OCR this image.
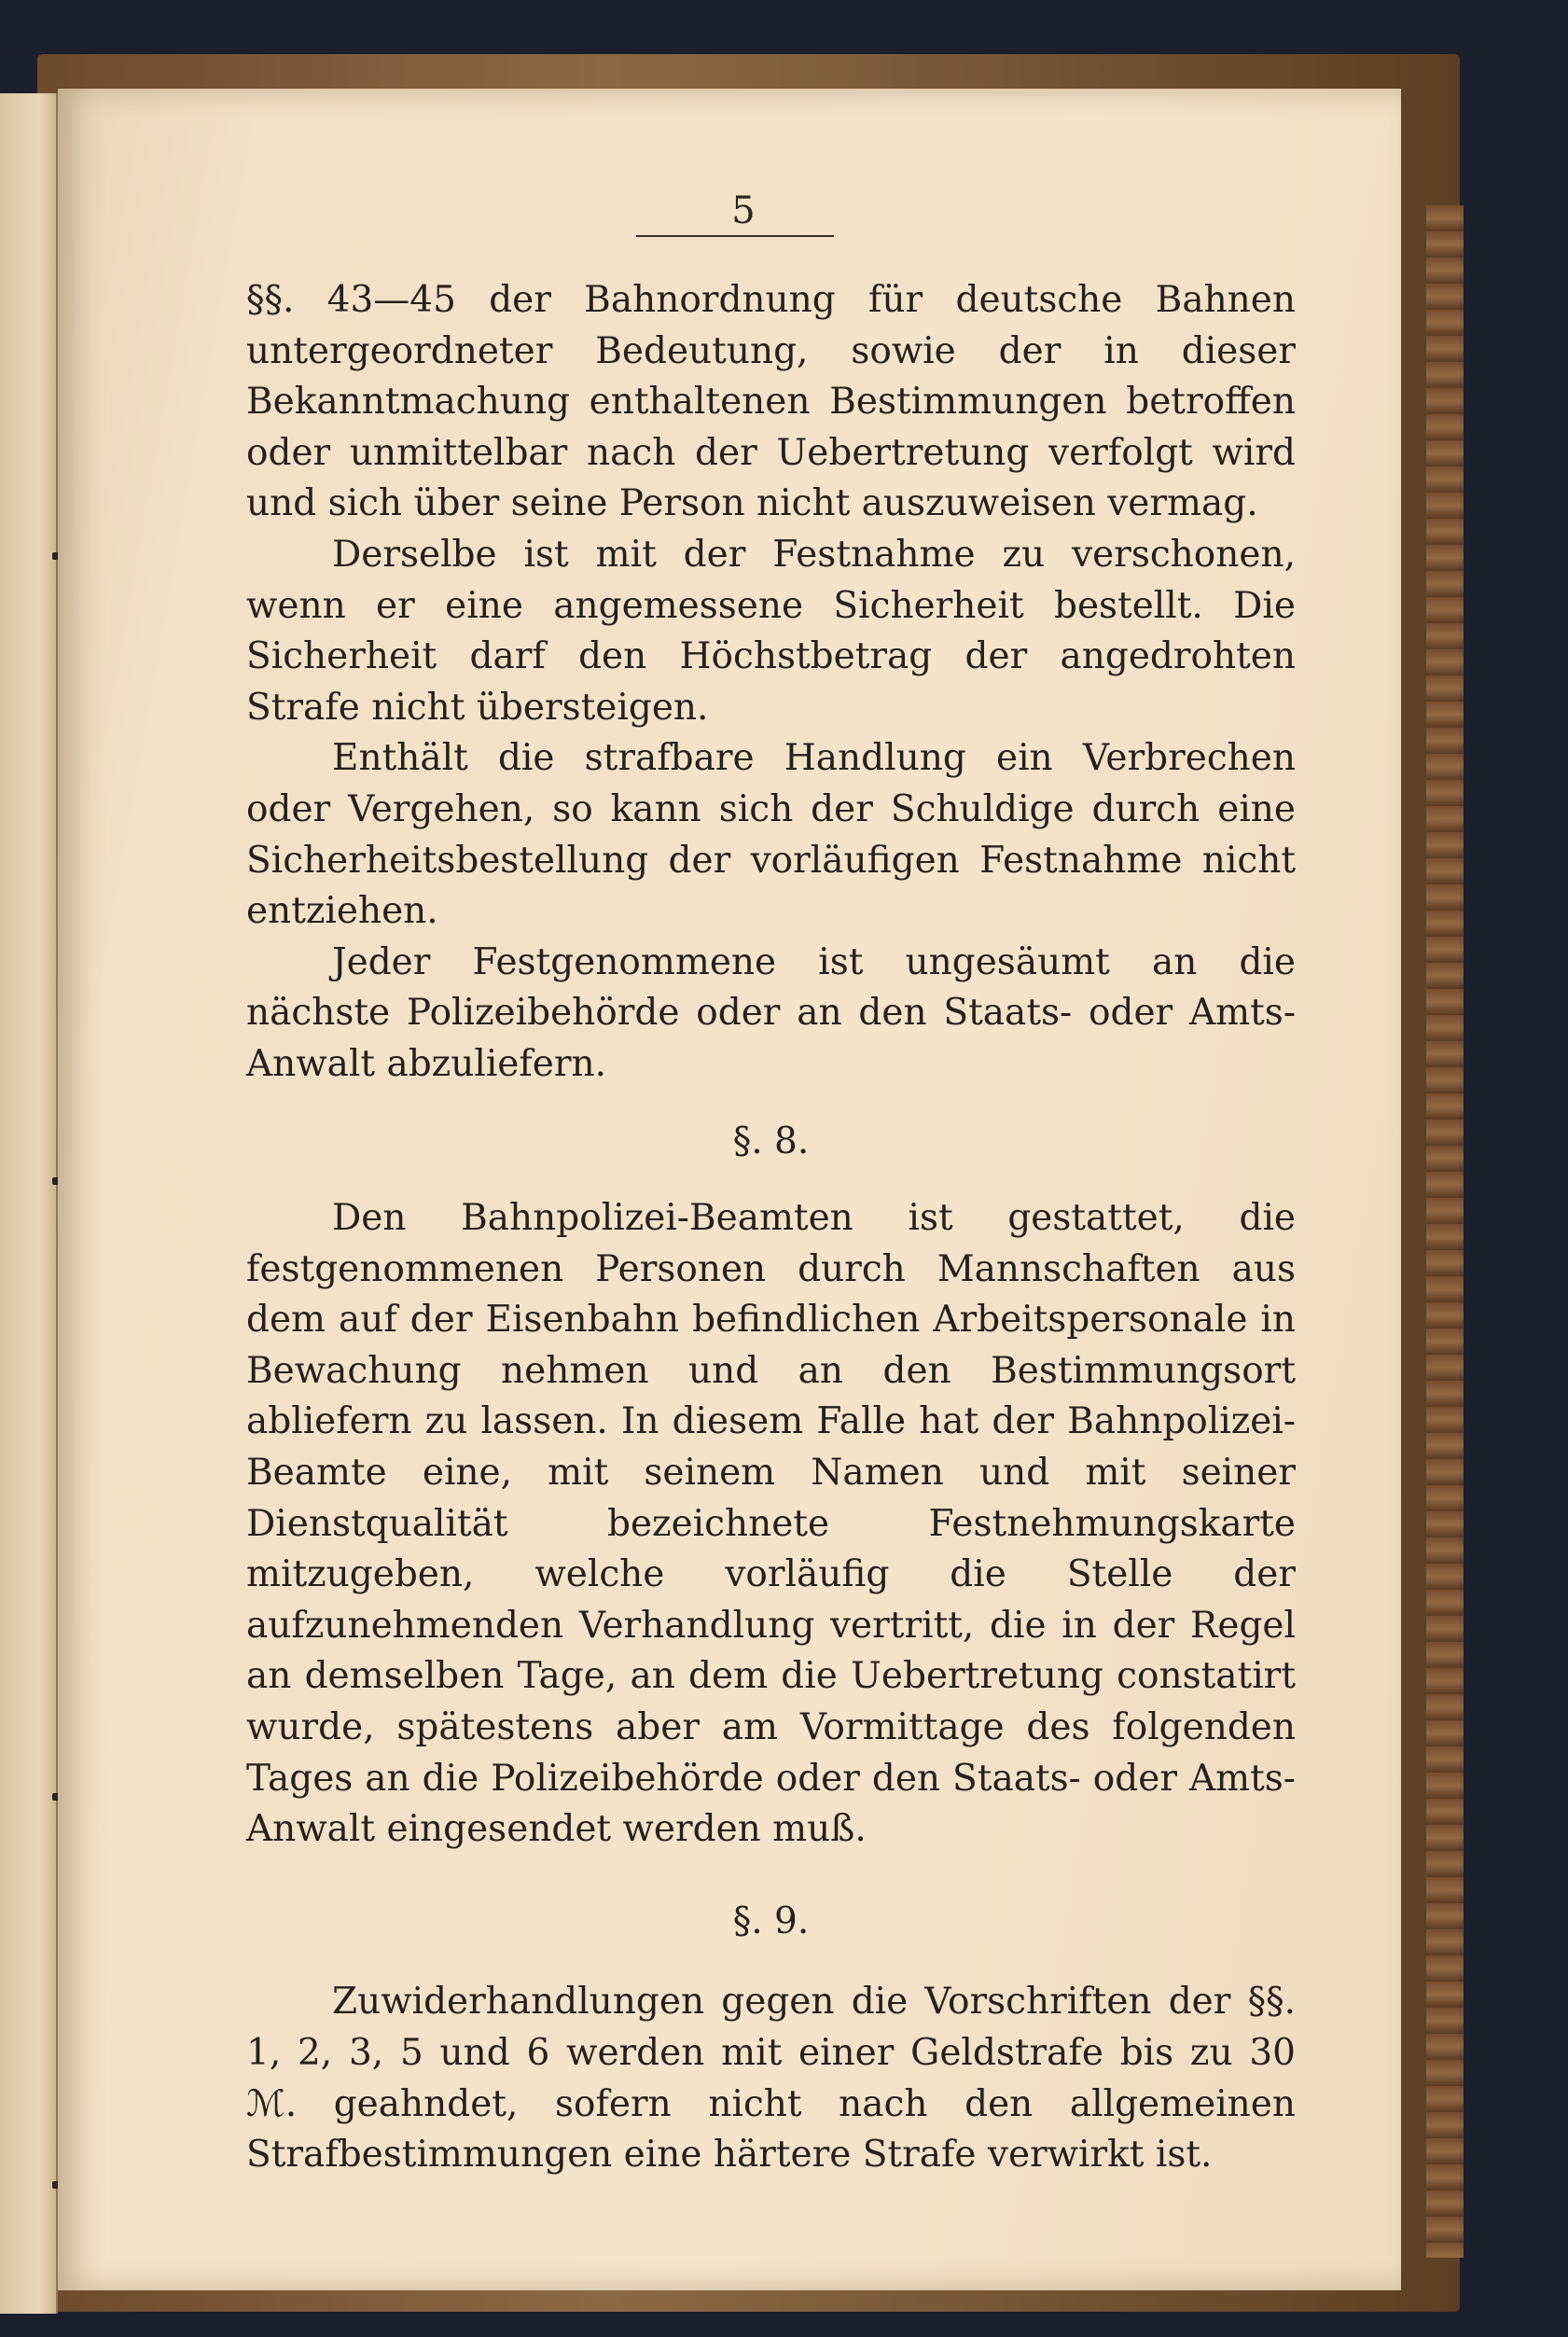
5

§§. 43—45 der Bahnordnung für deutsche Bahnen untergeordneter Bedeutung, sowie der in dieser Bekanntmachung enthaltenen Bestimmungen betroffen oder unmittelbar nach der Uebertretung verfolgt wird und sich über seine Person nicht auszuweisen vermag.

Derselbe ist mit der Festnahme zu verschonen, wenn er eine angemessene Sicherheit bestellt. Die Sicherheit darf den Höchstbetrag der angedrohten Strafe nicht übersteigen.

Enthält die strafbare Handlung ein Verbrechen oder Vergehen, so kann sich der Schuldige durch eine Sicherheitsbestellung der vorläufigen Festnahme nicht entziehen.

Jeder Festgenommene ist ungesäumt an die nächste Polizeibehörde oder an den Staats- oder Amts-Anwalt abzuliefern.

§. 8.

Den Bahnpolizei-Beamten ist gestattet, die festgenommenen Personen durch Mannschaften aus dem auf der Eisenbahn befindlichen Arbeitspersonale in Bewachung nehmen und an den Bestimmungsort abliefern zu lassen. In diesem Falle hat der Bahnpolizei-Beamte eine, mit seinem Namen und mit seiner Dienstqualität bezeichnete Festnehmungskarte mitzugeben, welche vorläufig die Stelle der aufzunehmenden Verhandlung vertritt, die in der Regel an demselben Tage, an dem die Uebertretung constatirt wurde, spätestens aber am Vormittage des folgenden Tages an die Polizeibehörde oder den Staats- oder Amts-Anwalt eingesendet werden muß.

§. 9.

Zuwiderhandlungen gegen die Vorschriften der §§. 1, 2, 3, 5 und 6 werden mit einer Geldstrafe bis zu 30 ℳ. geahndet, sofern nicht nach den allgemeinen Strafbestimmungen eine härtere Strafe verwirkt ist.
